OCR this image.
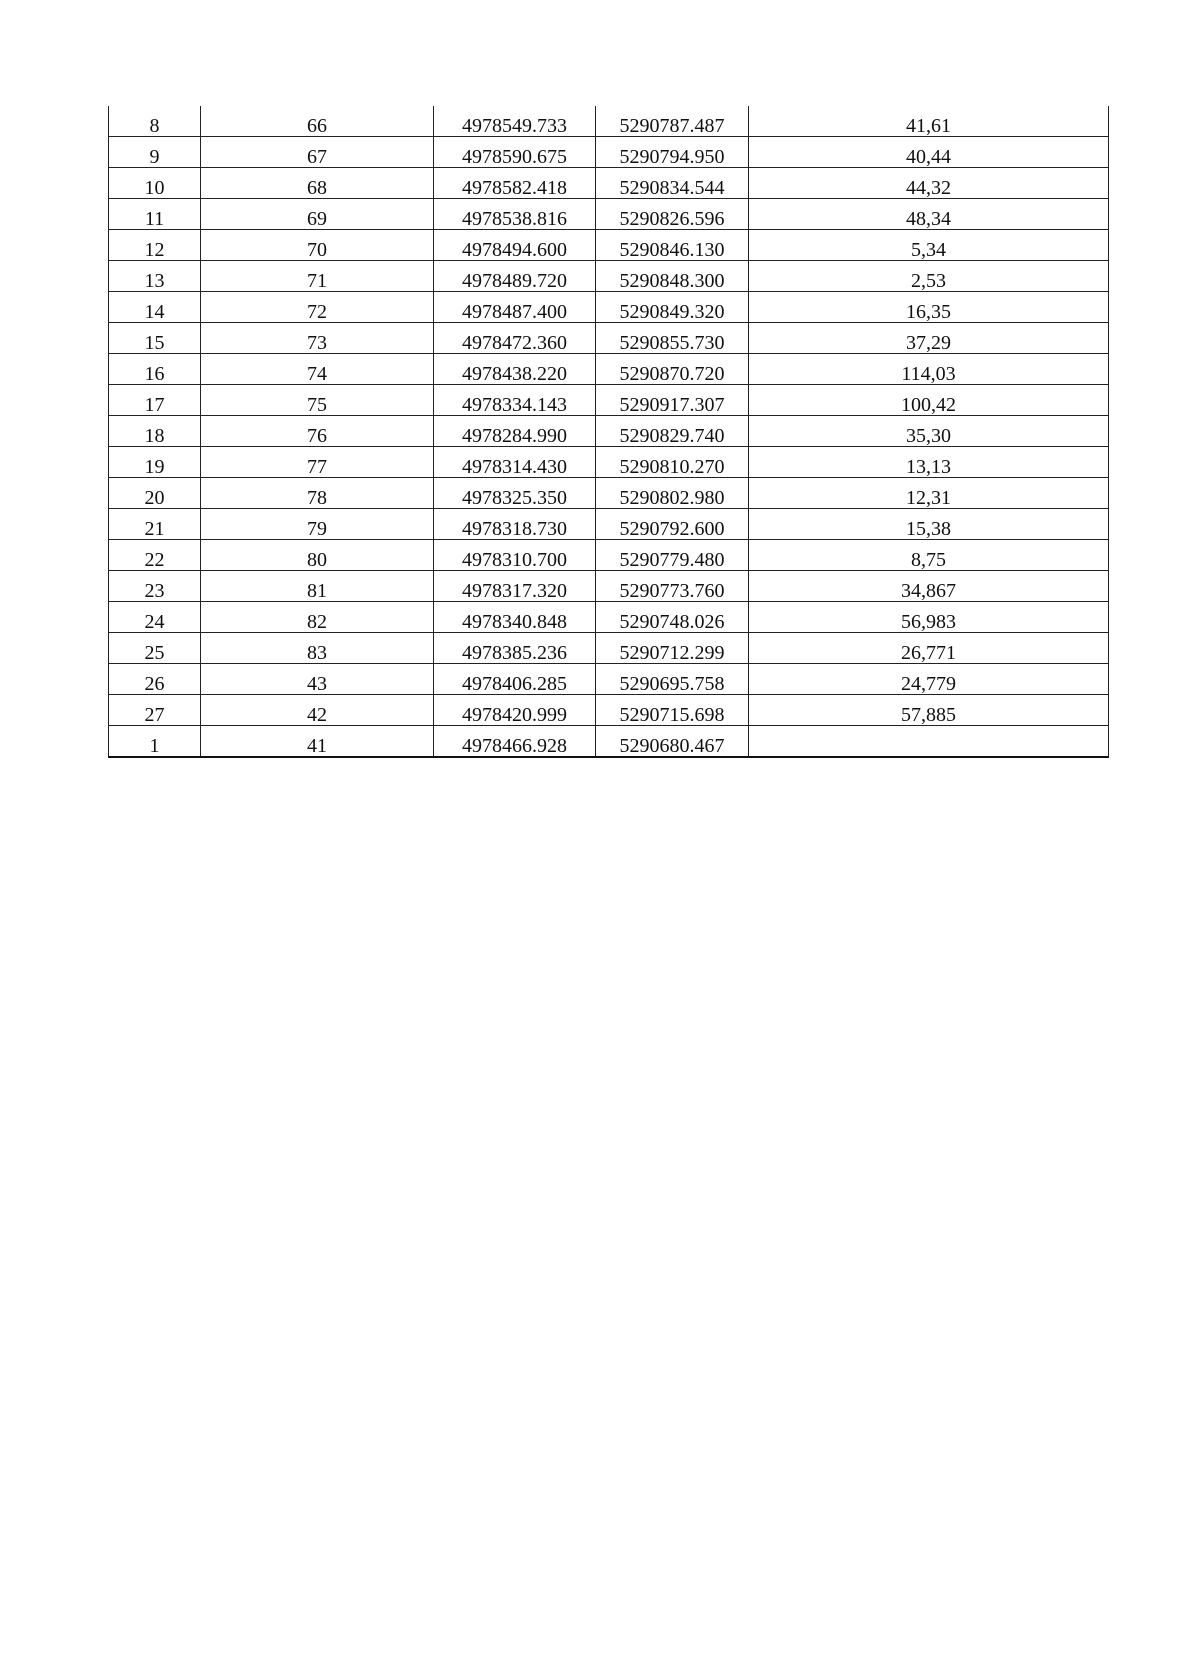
8	66	4978549.733	5290787.487	41,61
9	67	4978590.675	5290794.950	40,44
10	68	4978582.418	5290834.544	44,32
11	69	4978538.816	5290826.596	48,34
12	70	4978494.600	5290846.130	5,34
13	71	4978489.720	5290848.300	2,53
14	72	4978487.400	5290849.320	16,35
15	73	4978472.360	5290855.730	37,29
16	74	4978438.220	5290870.720	114,03
17	75	4978334.143	5290917.307	100,42
18	76	4978284.990	5290829.740	35,30
19	77	4978314.430	5290810.270	13,13
20	78	4978325.350	5290802.980	12,31
21	79	4978318.730	5290792.600	15,38
22	80	4978310.700	5290779.480	8,75
23	81	4978317.320	5290773.760	34,867
24	82	4978340.848	5290748.026	56,983
25	83	4978385.236	5290712.299	26,771
26	43	4978406.285	5290695.758	24,779
27	42	4978420.999	5290715.698	57,885
1	41	4978466.928	5290680.467	
